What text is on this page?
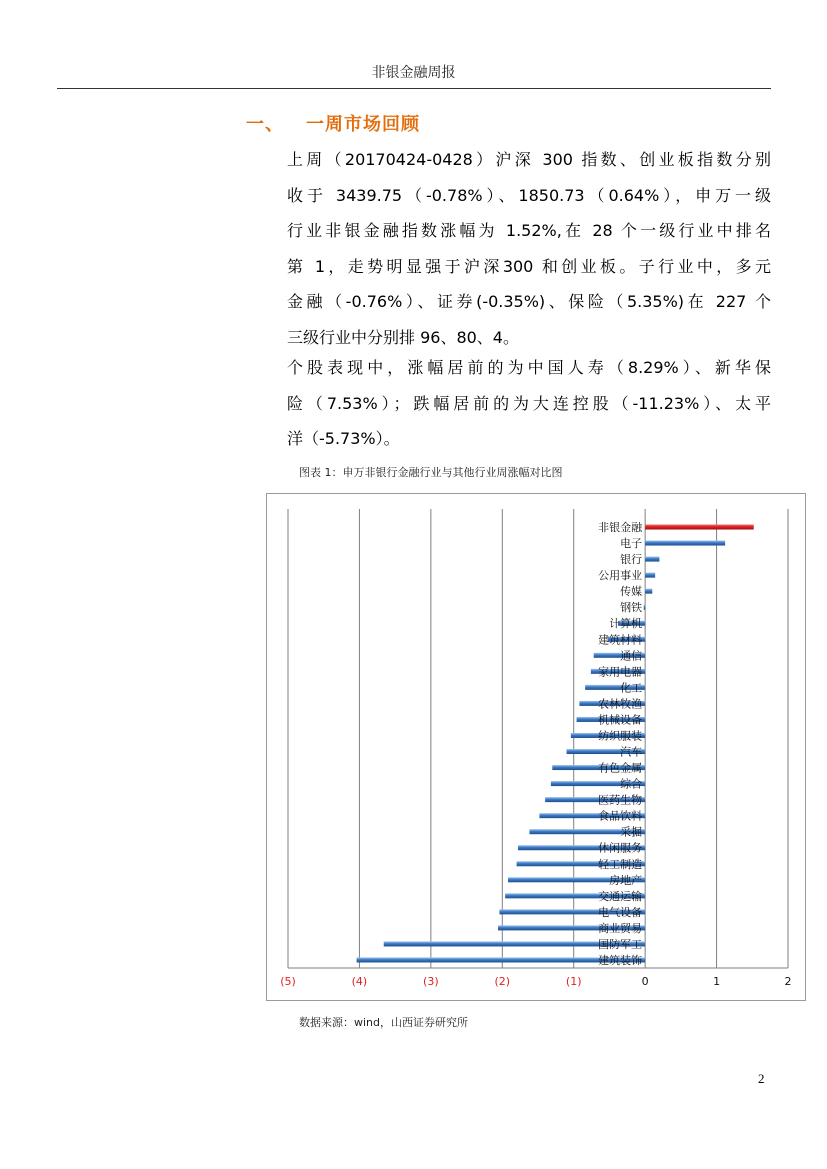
非银金融周报
一、 一周市场回顾
上周（20170424-0428）沪深 300 指数、创业板指数分别
收于 3439.75（-0.78%）、1850.73（0.64%），申万一级
行业非银金融指数涨幅为 1.52%,在 28 个一级行业中排名
第 1，走势明显强于沪深300 和创业板。子行业中，多元
金融（-0.76%）、证券(-0.35%)、保险（5.35%)在 227 个
三级行业中分别排 96、80、4。
个股表现中，涨幅居前的为中国人寿（8.29%）、新华保
险（7.53%）；跌幅居前的为大连控股（-11.23%）、太平
洋（-5.73%）。
图表 1：申万非银行金融行业与其他行业周涨幅对比图
非银金融
电子
银行
公用事业
传媒
钢铁
计算机
建筑材料
通信
家用电器
化工
农林牧渔
机械设备
纺织服装
汽车
有色金属
综合
医药生物
食品饮料
采掘
休闲服务
轻工制造
房地产
交通运输
电气设备
商业贸易
国防军工
建筑装饰
(5)	(4)	(3)	(2)	(1)	0	1	2
数据来源：wind，山西证券研究所
2
